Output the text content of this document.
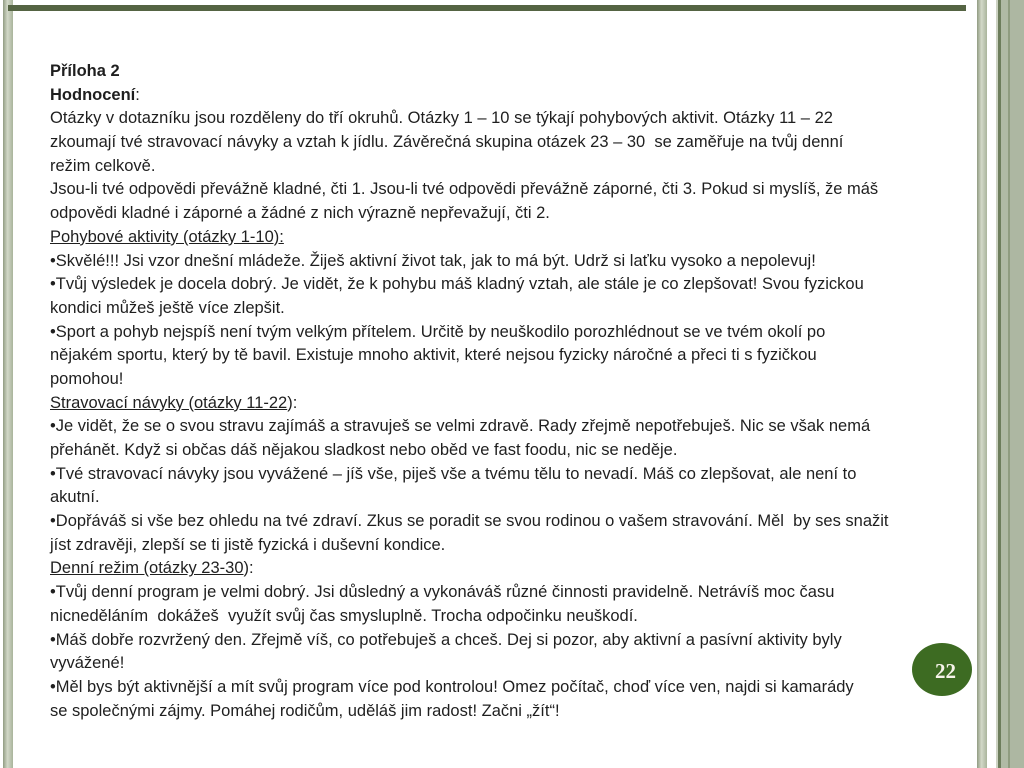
Příloha 2
Hodnocení:
Otázky v dotazníku jsou rozděleny do tří okruhů. Otázky 1 – 10 se týkají pohybových aktivit. Otázky 11 – 22
zkoumají tvé stravovací návyky a vztah k jídlu. Závěrečná skupina otázek 23 – 30  se zaměřuje na tvůj denní
režim celkově.
Jsou-li tvé odpovědi převážně kladné, čti 1. Jsou-li tvé odpovědi převážně záporné, čti 3. Pokud si myslíš, že máš
odpovědi kladné i záporné a žádné z nich výrazně nepřevažují, čti 2.
Pohybové aktivity (otázky 1-10):
•Skvělé!!! Jsi vzor dnešní mládeže. Žiješ aktivní život tak, jak to má být. Udrž si laťku vysoko a nepolevuj!
•Tvůj výsledek je docela dobrý. Je vidět, že k pohybu máš kladný vztah, ale stále je co zlepšovat! Svou fyzickou
kondici můžeš ještě více zlepšit.
•Sport a pohyb nejspíš není tvým velkým přítelem. Určitě by neuškodilo porozhlédnout se ve tvém okolí po
nějakém sportu, který by tě bavil. Existuje mnoho aktivit, které nejsou fyzicky náročné a přeci ti s fyzičkou
pomohou!
Stravovací návyky (otázky 11-22):
•Je vidět, že se o svou stravu zajímáš a stravuješ se velmi zdravě. Rady zřejmě nepotřebuješ. Nic se však nemá
přehánět. Když si občas dáš nějakou sladkost nebo oběd ve fast foodu, nic se neděje.
•Tvé stravovací návyky jsou vyvážené – jíš vše, piješ vše a tvému tělu to nevadí. Máš co zlepšovat, ale není to
akutní.
•Dopřáváš si vše bez ohledu na tvé zdraví. Zkus se poradit se svou rodinou o vašem stravování. Měl  by ses snažit
jíst zdravěji, zlepší se ti jistě fyzická i duševní kondice.
Denní režim (otázky 23-30):
•Tvůj denní program je velmi dobrý. Jsi důsledný a vykonáváš různé činnosti pravidelně. Netrávíš moc času
nicneděláním  dokážeš  využít svůj čas smysluplně. Trocha odpočinku neuškodí.
•Máš dobře rozvržený den. Zřejmě víš, co potřebuješ a chceš. Dej si pozor, aby aktivní a pasívní aktivity byly
vyvážené!
•Měl bys být aktivnější a mít svůj program více pod kontrolou! Omez počítač, choď více ven, najdi si kamarády
se společnými zájmy. Pomáhej rodičům, uděláš jim radost! Začni „žít“!
22
